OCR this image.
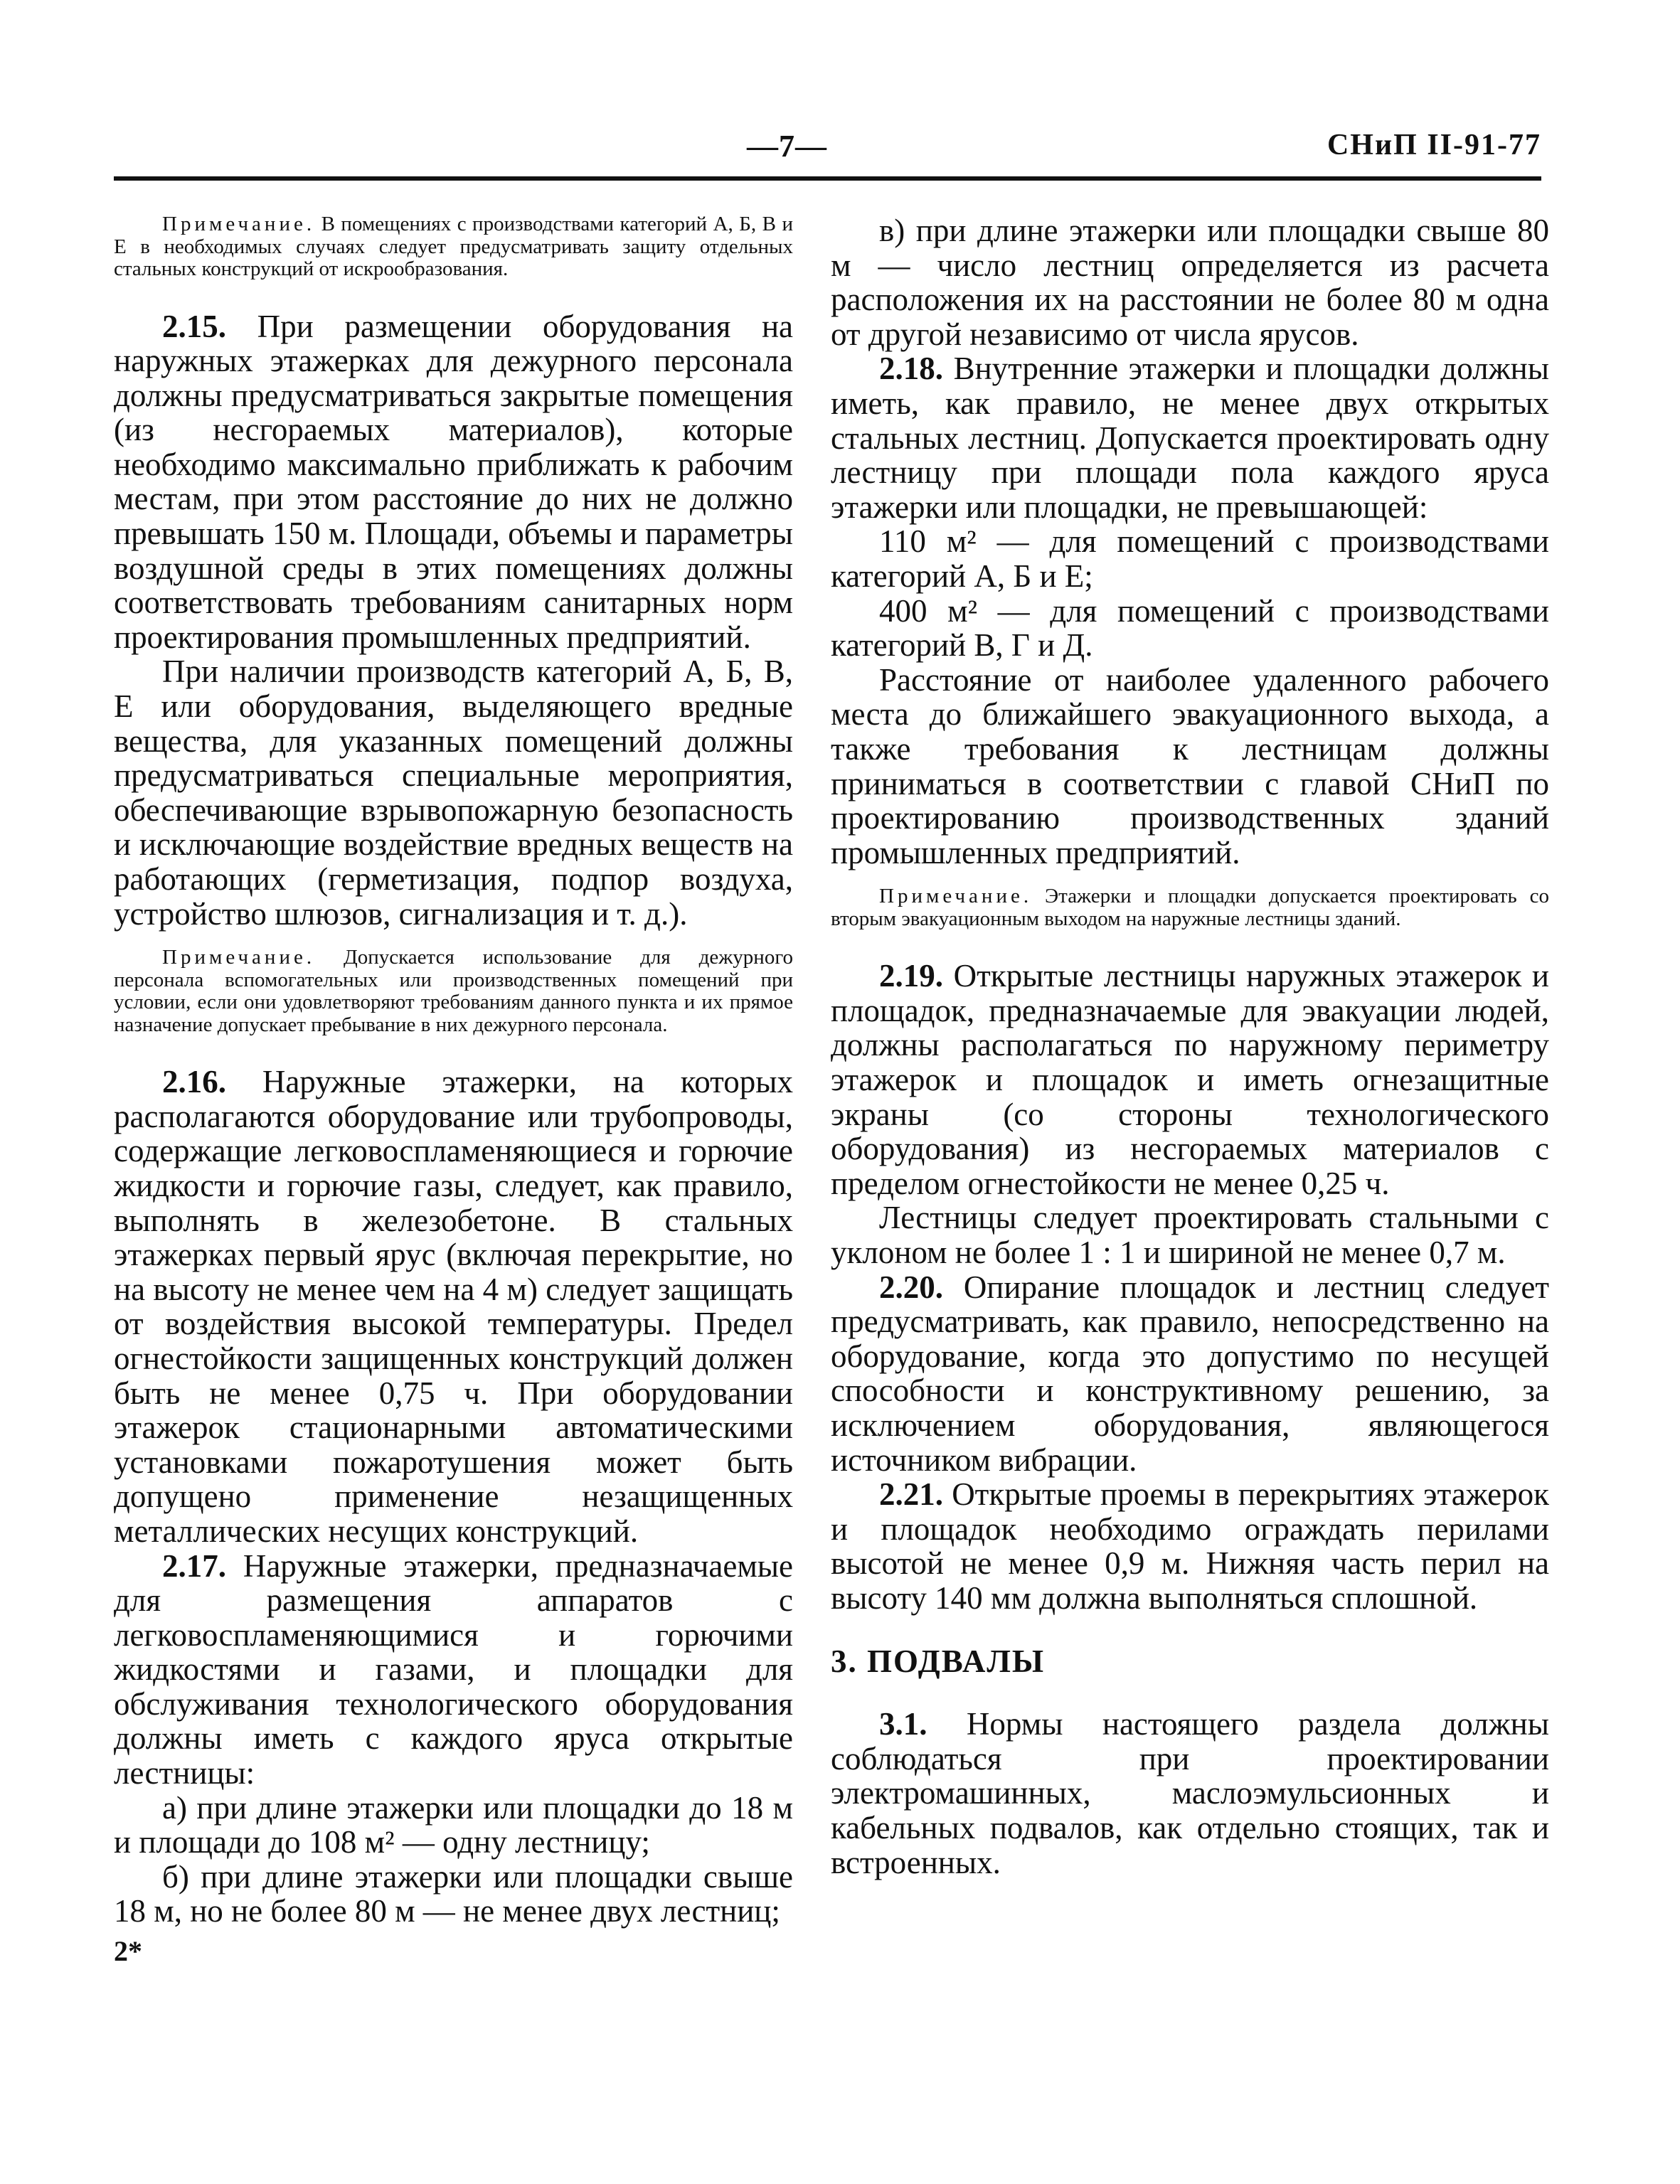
—7—	СНиП II-91-77

Примечание. В помещениях с производствами категорий А, Б, В и Е в необходимых случаях следует предусматривать защиту отдельных стальных конструкций от искрообразования.

2.15. При размещении оборудования на наружных этажерках для дежурного персонала должны предусматриваться закрытые помещения (из несгораемых материалов), которые необходимо максимально приближать к рабочим местам, при этом расстояние до них не должно превышать 150 м. Площади, объемы и параметры воздушной среды в этих помещениях должны соответствовать требованиям санитарных норм проектирования промышленных предприятий.

При наличии производств категорий А, Б, В, Е или оборудования, выделяющего вредные вещества, для указанных помещений должны предусматриваться специальные мероприятия, обеспечивающие взрывопожарную безопасность и исключающие воздействие вредных веществ на работающих (герметизация, подпор воздуха, устройство шлюзов, сигнализация и т. д.).

Примечание. Допускается использование для дежурного персонала вспомогательных или производственных помещений при условии, если они удовлетворяют требованиям данного пункта и их прямое назначение допускает пребывание в них дежурного персонала.

2.16. Наружные этажерки, на которых располагаются оборудование или трубопроводы, содержащие легковоспламеняющиеся и горючие жидкости и горючие газы, следует, как правило, выполнять в железобетоне. В стальных этажерках первый ярус (включая перекрытие, но на высоту не менее чем на 4 м) следует защищать от воздействия высокой температуры. Предел огнестойкости защищенных конструкций должен быть не менее 0,75 ч. При оборудовании этажерок стационарными автоматическими установками пожаротушения может быть допущено применение незащищенных металлических несущих конструкций.

2.17. Наружные этажерки, предназначаемые для размещения аппаратов с легковоспламеняющимися и горючими жидкостями и газами, и площадки для обслуживания технологического оборудования должны иметь с каждого яруса открытые лестницы:

а) при длине этажерки или площадки до 18 м и площади до 108 м² — одну лестницу;

б) при длине этажерки или площадки свыше 18 м, но не более 80 м — не менее двух лестниц;

2*

в) при длине этажерки или площадки свыше 80 м — число лестниц определяется из расчета расположения их на расстоянии не более 80 м одна от другой независимо от числа ярусов.

2.18. Внутренние этажерки и площадки должны иметь, как правило, не менее двух открытых стальных лестниц. Допускается проектировать одну лестницу при площади пола каждого яруса этажерки или площадки, не превышающей:

110 м² — для помещений с производствами категорий А, Б и Е;

400 м² — для помещений с производствами категорий В, Г и Д.

Расстояние от наиболее удаленного рабочего места до ближайшего эвакуационного выхода, а также требования к лестницам должны приниматься в соответствии с главой СНиП по проектированию производственных зданий промышленных предприятий.

Примечание. Этажерки и площадки допускается проектировать со вторым эвакуационным выходом на наружные лестницы зданий.

2.19. Открытые лестницы наружных этажерок и площадок, предназначаемые для эвакуации людей, должны располагаться по наружному периметру этажерок и площадок и иметь огнезащитные экраны (со стороны технологического оборудования) из несгораемых материалов с пределом огнестойкости не менее 0,25 ч.

Лестницы следует проектировать стальными с уклоном не более 1 : 1 и шириной не менее 0,7 м.

2.20. Опирание площадок и лестниц следует предусматривать, как правило, непосредственно на оборудование, когда это допустимо по несущей способности и конструктивному решению, за исключением оборудования, являющегося источником вибрации.

2.21. Открытые проемы в перекрытиях этажерок и площадок необходимо ограждать перилами высотой не менее 0,9 м. Нижняя часть перил на высоту 140 мм должна выполняться сплошной.

3. ПОДВАЛЫ

3.1. Нормы настоящего раздела должны соблюдаться при проектировании электромашинных, маслоэмульсионных и кабельных подвалов, как отдельно стоящих, так и встроенных.
